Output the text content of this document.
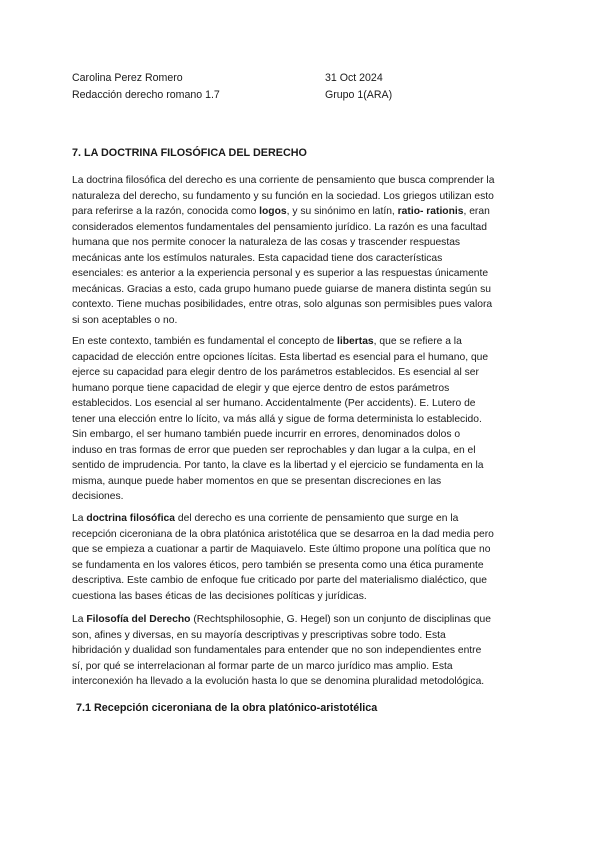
Carolina Perez Romero
Redacción derecho romano 1.7
31 Oct 2024
Grupo 1(ARA)
7. LA DOCTRINA FILOSÓFICA DEL DERECHO

La doctrina filosófica del derecho es una corriente de pensamiento que busca comprender la
naturaleza del derecho, su fundamento y su función en la sociedad. Los griegos utilizan esto
para referirse a la razón, conocida como logos, y su sinónimo en latín, ratio- rationis, eran
considerados elementos fundamentales del pensamiento jurídico. La razón es una facultad
humana que nos permite conocer la naturaleza de las cosas y trascender respuestas
mecánicas ante los estímulos naturales. Esta capacidad tiene dos características
esenciales: es anterior a la experiencia personal y es superior a las respuestas únicamente
mecánicas. Gracias a esto, cada grupo humano puede guiarse de manera distinta según su
contexto. Tiene muchas posibilidades, entre otras, solo algunas son permisibles pues valora
si son aceptables o no.

En este contexto, también es fundamental el concepto de libertas, que se refiere a la
capacidad de elección entre opciones lícitas. Esta libertad es esencial para el humano, que
ejerce su capacidad para elegir dentro de los parámetros establecidos. Es esencial al ser
humano porque tiene capacidad de elegir y que ejerce dentro de estos parámetros
establecidos. Los esencial al ser humano. Accidentalmente (Per accidents). E. Lutero de
tener una elección entre lo lícito, va más allá y sigue de forma determinista lo establecido.
Sin embargo, el ser humano también puede incurrir en errores, denominados dolos o
induso en tras formas de error que pueden ser reprochables y dan lugar a la culpa, en el
sentido de imprudencia. Por tanto, la clave es la libertad y el ejercicio se fundamenta en la
misma, aunque puede haber momentos en que se presentan discreciones en las
decisiones.

La doctrina filosófica del derecho es una corriente de pensamiento que surge en la
recepción ciceroniana de la obra platónica aristotélica que se desarroa en la dad media pero
que se empieza a cuationar a partir de Maquiavelo. Este último propone una política que no
se fundamenta en los valores éticos, pero también se presenta como una ética puramente
descriptiva. Este cambio de enfoque fue criticado por parte del materialismo dialéctico, que
cuestiona las bases éticas de las decisiones políticas y jurídicas.

La Filosofía del Derecho (Rechtsphilosophie, G. Hegel) son un conjunto de disciplinas que
son, afines y diversas, en su mayoría descriptivas y prescriptivas sobre todo. Esta
hibridación y dualidad son fundamentales para entender que no son independientes entre
sí, por qué se interrelacionan al formar parte de un marco jurídico mas amplio. Esta
interconexión ha llevado a la evolución hasta lo que se denomina pluralidad metodológica.

7.1 Recepción ciceroniana de la obra platónico-aristotélica
